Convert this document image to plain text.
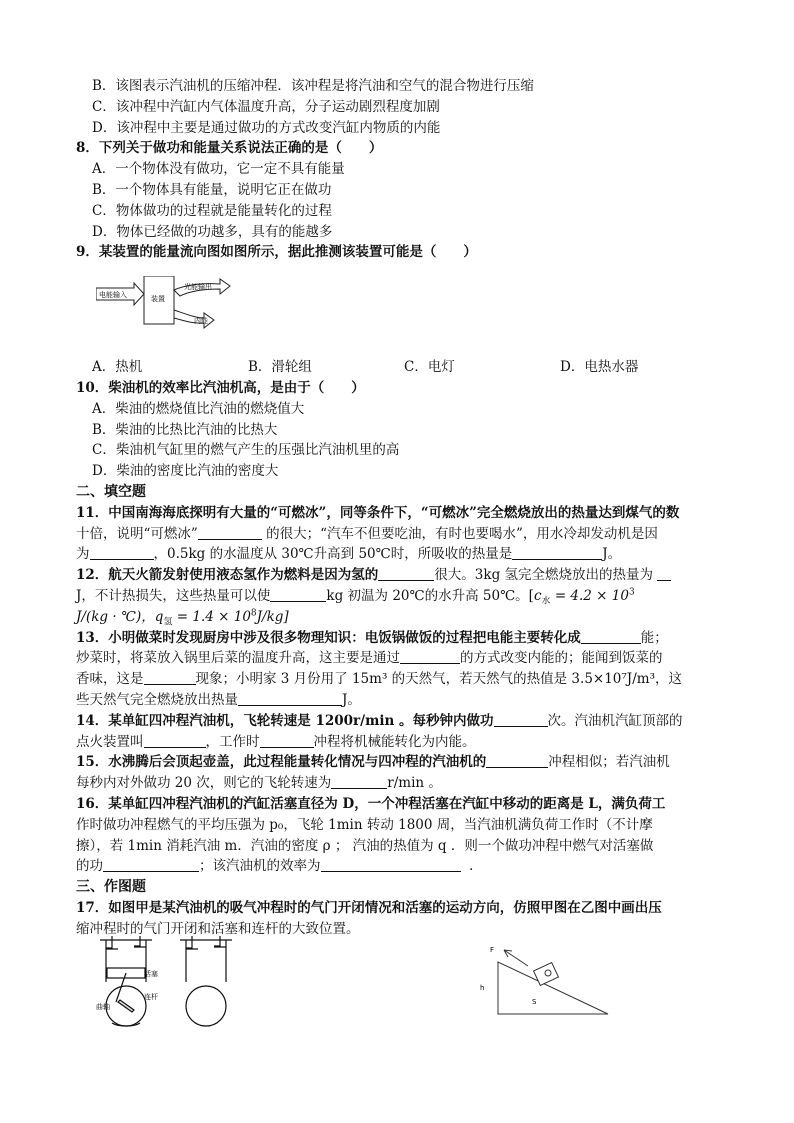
B．该图表示汽油机的压缩冲程．该冲程是将汽油和空气的混合物进行压缩
C．该冲程中汽缸内气体温度升高，分子运动剧烈程度加剧
D．该冲程中主要是通过做功的方式改变汽缸内物质的内能
8．下列关于做功和能量关系说法正确的是（　　）
A．一个物体没有做功，它一定不具有能量
B．一个物体具有能量，说明它正在做功
C．物体做功的过程就是能量转化的过程
D．物体已经做的功越多，具有的能越多
9．某装置的能量流向图如图所示，据此推测该装置可能是（　　）
A．热机	B．滑轮组	C．电灯	D．电热水器
10．柴油机的效率比汽油机高，是由于（　　）
A．柴油的燃烧值比汽油的燃烧值大
B．柴油的比热比汽油的比热大
C．柴油机气缸里的燃气产生的压强比汽油机里的高
D．柴油的密度比汽油的密度大
二、填空题
11．中国南海海底探明有大量的“可燃冰”，同等条件下，“可燃冰”完全燃烧放出的热量达到煤气的数
十倍，说明“可燃冰”	的很大；“汽车不但要吃油，有时也要喝水”，用水冷却发动机是因
为	，0.5kg 的水温度从 30℃升高到 50℃时，所吸收的热量是	J。
12．航天火箭发射使用液态氢作为燃料是因为氢的	很大。3kg 氢完全燃烧放出的热量为
J，不计热损失，这些热量可以使	kg 初温为 20℃的水升高 50℃。[$c_水 = 4.2 \times 10^3$
J/(kg · ℃)，$q_氢 = 1.4 \times 10^8J/kg$]
13．小明做菜时发现厨房中涉及很多物理知识：电饭锅做饭的过程把电能主要转化成	能；
炒菜时，将菜放入锅里后菜的温度升高，这主要是通过	的方式改变内能的；能闻到饭菜的
香味，这是	现象；小明家 3 月份用了 15m³ 的天然气，若天然气的热值是 3.5×10⁷J/m³，这
些天然气完全燃烧放出热量	J。
14．某单缸四冲程汽油机，飞轮转速是 1200r/min 。每秒钟内做功	次。汽油机汽缸顶部的
点火装置叫	，工作时	冲程将机械能转化为内能。
15．水沸腾后会顶起壶盖，此过程能量转化情况与四冲程的汽油机的	冲程相似；若汽油机
每秒内对外做功 20 次，则它的飞轮转速为	r/min 。
16．某单缸四冲程汽油机的汽缸活塞直径为 D，一个冲程活塞在汽缸中移动的距离是 L，满负荷工
作时做功冲程燃气的平均压强为 p₀，飞轮 1min 转动 1800 周，当汽油机满负荷工作时（不计摩
擦），若 1min 消耗汽油 m．汽油的密度 ρ ； 汽油的热值为 q ．则一个做功冲程中燃气对活塞做
的功	；该汽油机的效率为	．
三、作图题
17．如图甲是某汽油机的吸气冲程时的气门开闭情况和活塞的运动方向，仿照甲图在乙图中画出压
缩冲程时的气门开闭和活塞和连杆的大致位置。
电能输入	装置
光能输出
内能
活塞
连杆
曲轴
F
h
S
